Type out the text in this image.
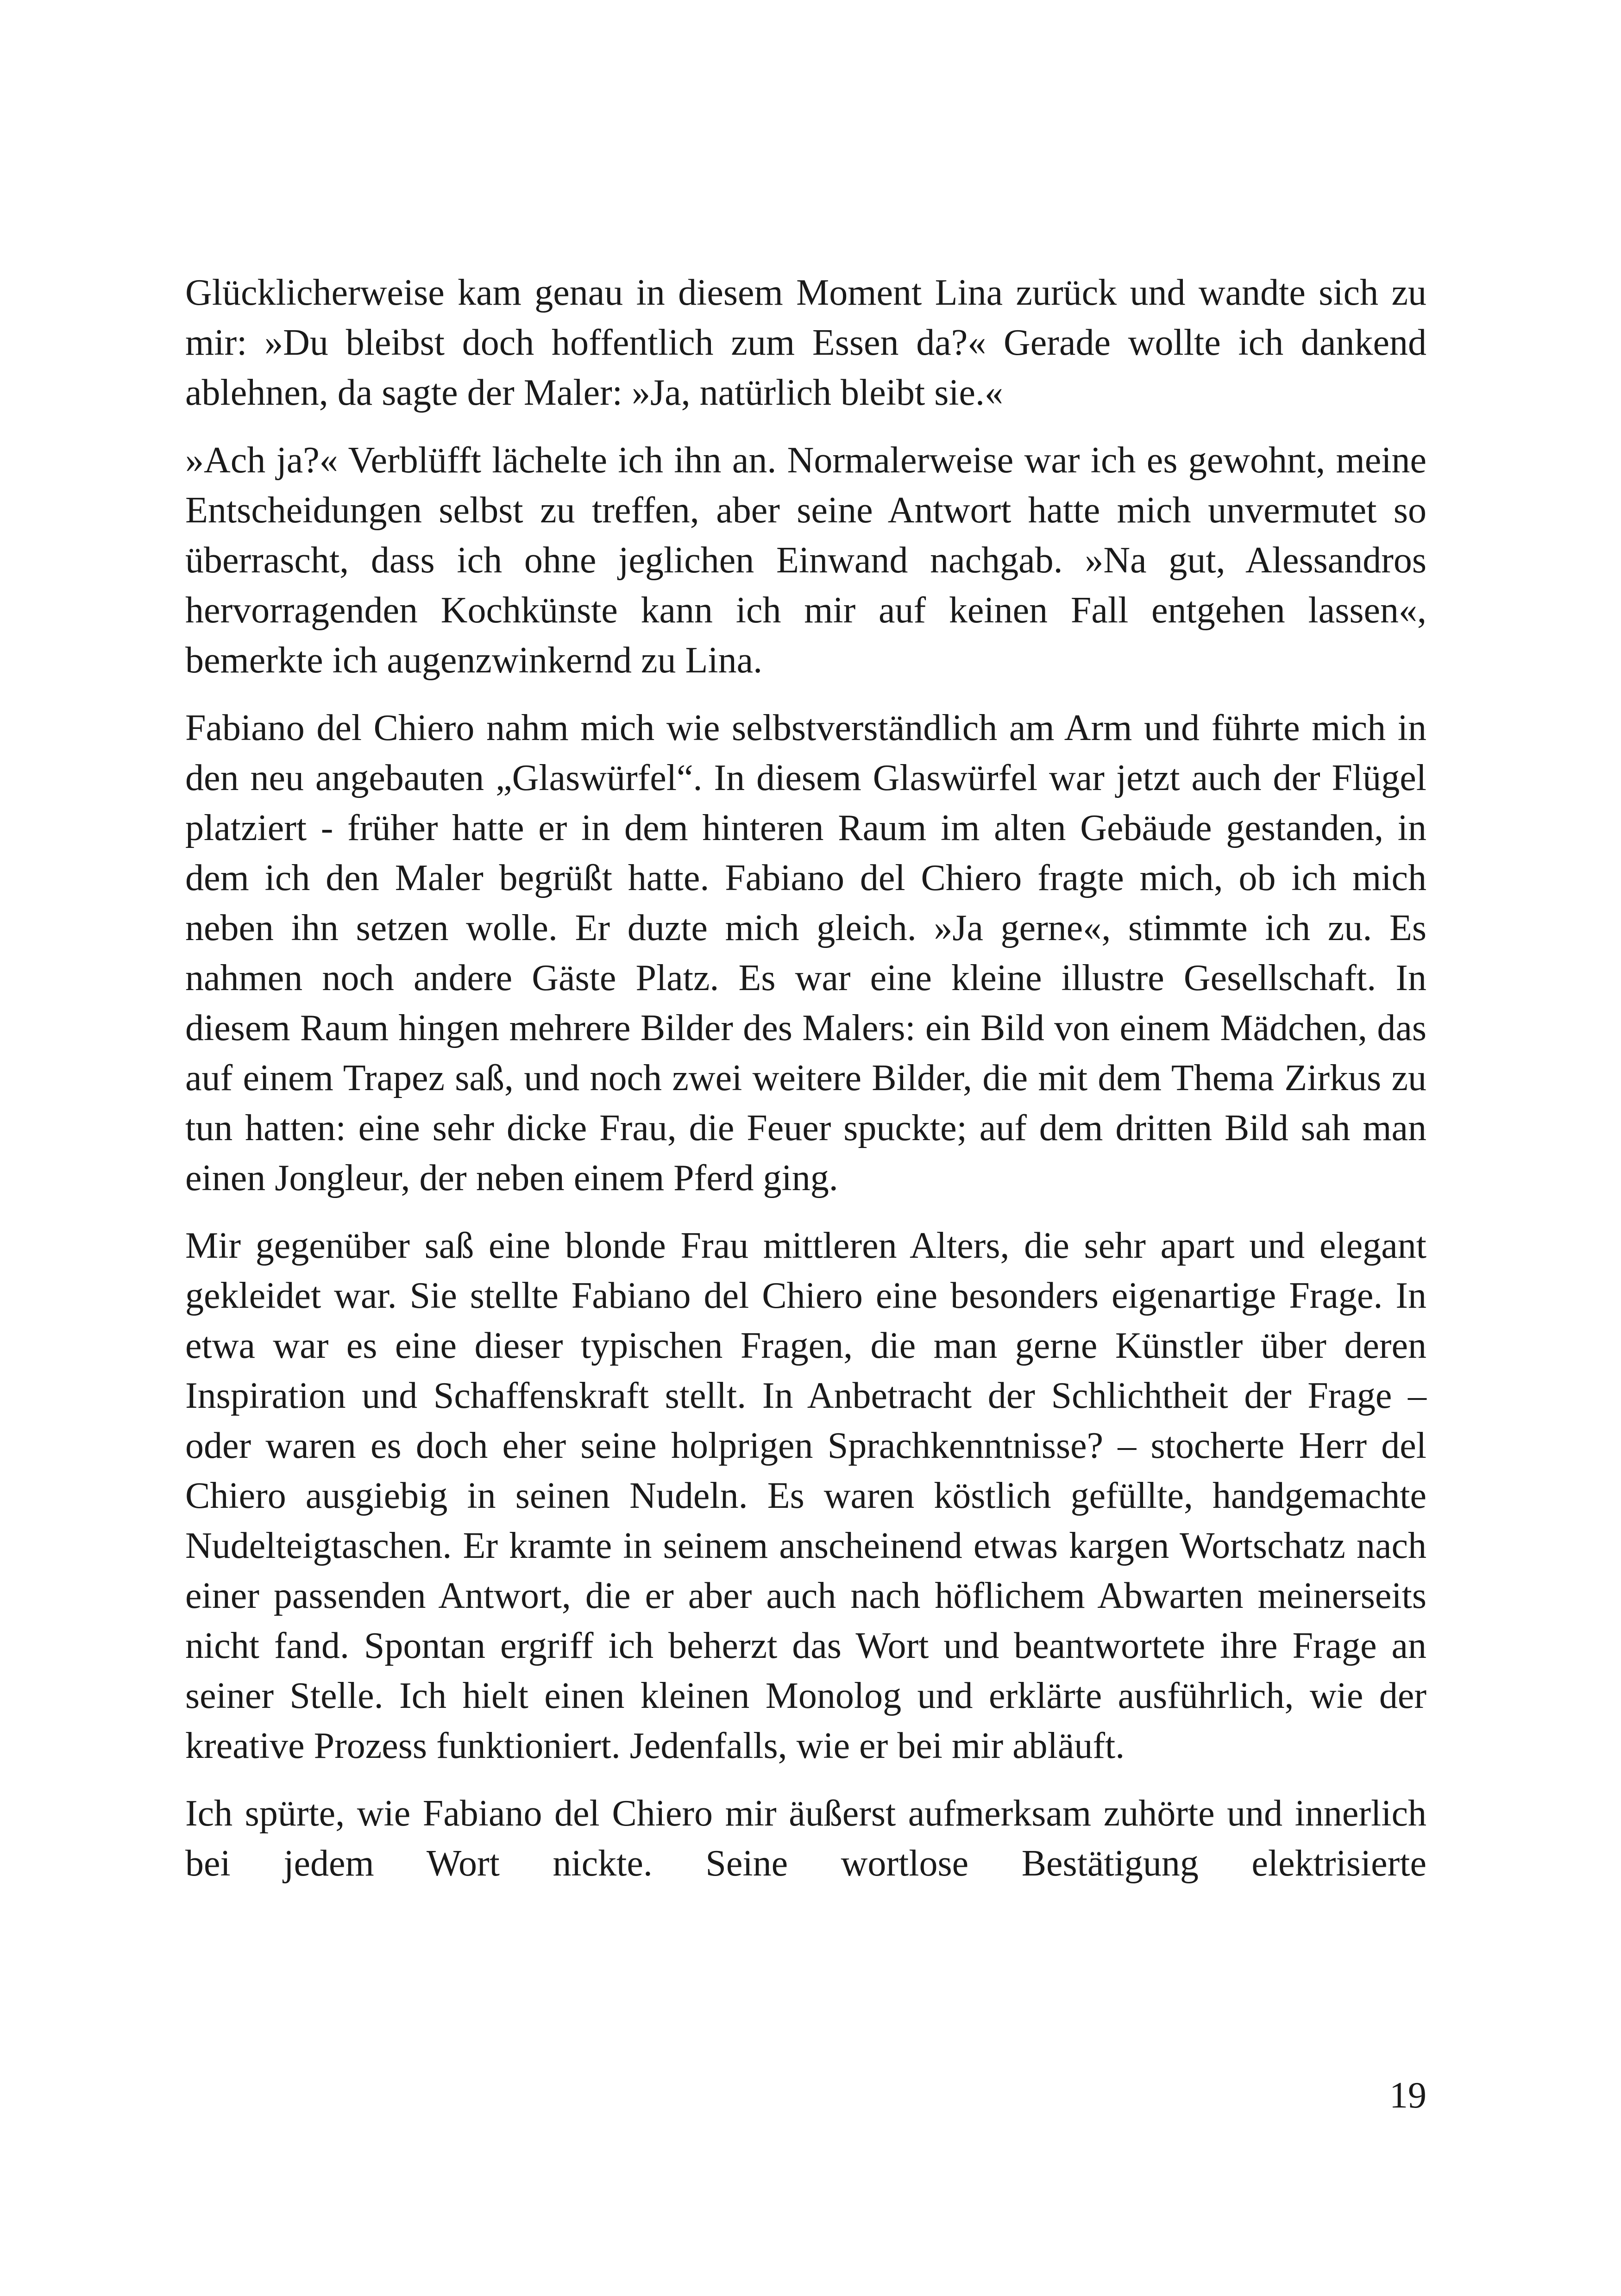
Glücklicherweise kam genau in diesem Moment Lina zurück und wandte sich zu mir: »Du bleibst doch hoffentlich zum Essen da?« Gerade wollte ich dankend ablehnen, da sagte der Maler: »Ja, natürlich bleibt sie.«

»Ach ja?« Verblüfft lächelte ich ihn an. Normalerweise war ich es gewohnt, meine Entscheidungen selbst zu treffen, aber seine Antwort hatte mich unvermutet so überrascht, dass ich ohne jeglichen Einwand nachgab. »Na gut, Alessandros hervorragenden Kochkünste kann ich mir auf keinen Fall entgehen lassen«, bemerkte ich augenzwinkernd zu Lina.

Fabiano del Chiero nahm mich wie selbstverständlich am Arm und führte mich in den neu angebauten „Glaswürfel“. In diesem Glaswürfel war jetzt auch der Flügel platziert - früher hatte er in dem hinteren Raum im alten Gebäude gestanden, in dem ich den Maler begrüßt hatte. Fabiano del Chiero fragte mich, ob ich mich neben ihn setzen wolle. Er duzte mich gleich. »Ja gerne«, stimmte ich zu. Es nahmen noch andere Gäste Platz. Es war eine kleine illustre Gesellschaft. In diesem Raum hingen mehrere Bilder des Malers: ein Bild von einem Mädchen, das auf einem Trapez saß, und noch zwei weitere Bilder, die mit dem Thema Zirkus zu tun hatten: eine sehr dicke Frau, die Feuer spuckte; auf dem dritten Bild sah man einen Jongleur, der neben einem Pferd ging.

Mir gegenüber saß eine blonde Frau mittleren Alters, die sehr apart und elegant gekleidet war. Sie stellte Fabiano del Chiero eine besonders eigenartige Frage. In etwa war es eine dieser typischen Fragen, die man gerne Künstler über deren Inspiration und Schaffenskraft stellt. In Anbetracht der Schlichtheit der Frage – oder waren es doch eher seine holprigen Sprachkenntnisse? – stocherte Herr del Chiero ausgiebig in seinen Nudeln. Es waren köstlich gefüllte, handgemachte Nudelteigtaschen. Er kramte in seinem anscheinend etwas kargen Wortschatz nach einer passenden Antwort, die er aber auch nach höflichem Abwarten meinerseits nicht fand. Spontan ergriff ich beherzt das Wort und beantwortete ihre Frage an seiner Stelle. Ich hielt einen kleinen Monolog und erklärte ausführlich, wie der kreative Prozess funktioniert. Jedenfalls, wie er bei mir abläuft.

Ich spürte, wie Fabiano del Chiero mir äußerst aufmerksam zuhörte und innerlich bei jedem Wort nickte. Seine wortlose Bestätigung elektrisierte

19
